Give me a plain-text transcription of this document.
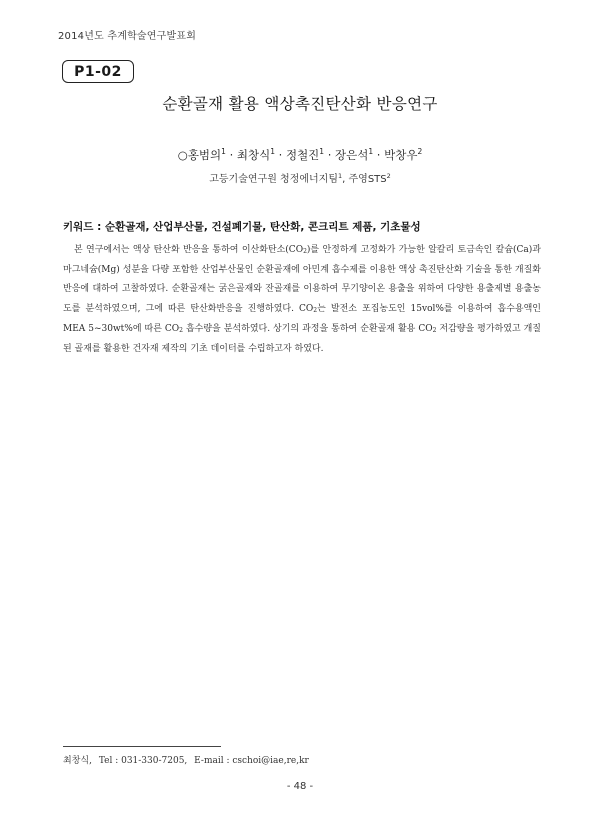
2014년도 추계학술연구발표회
P1-02
순환골재 활용 액상촉진탄산화 반응연구
○홍범의$^1$ · 최창식$^1$ · 정철진$^1$ · 장은석$^1$ · 박창우$^2$
고등기술연구원 청정에너지팀$^1$, 주영STS$^2$
키워드 : 순환골재, 산업부산물, 건설폐기물, 탄산화, 콘크리트 제품, 기초물성
본 연구에서는 액상 탄산화 반응을 통하여 이산화탄소$(CO_2)$를 안정하게 고정화가 가능한 알칼리 토금속인 칼슘(Ca)과 마그네슘(Mg) 성분을 다량 포함한 산업부산물인 순환골재에 아민계 흡수제를 이용한 액상 촉진탄산화 기술을 통한 개질화 반응에 대하여 고찰하였다. 순환골재는 굵은골재와 잔골재를 이용하여 무기양이온 용출을 위하여 다양한 용출제별 용출농도를 분석하였으며, 그에 따른 탄산화반응을 진행하였다. $CO_2$는 발전소 포집농도인 15vol%를 이용하여 흡수용액인 MEA 5~30wt%에 따른 $CO_2$ 흡수량을 분석하였다. 상기의 과정을 통하여 순환골재 활용 $CO_2$ 저감량을 평가하였고 개질된 골재를 활용한 건자재 제작의 기초 데이터를 수립하고자 하였다.
최창식, Tel : 031-330-7205, E-mail : cschoi@iae,re,kr
- 48 -
